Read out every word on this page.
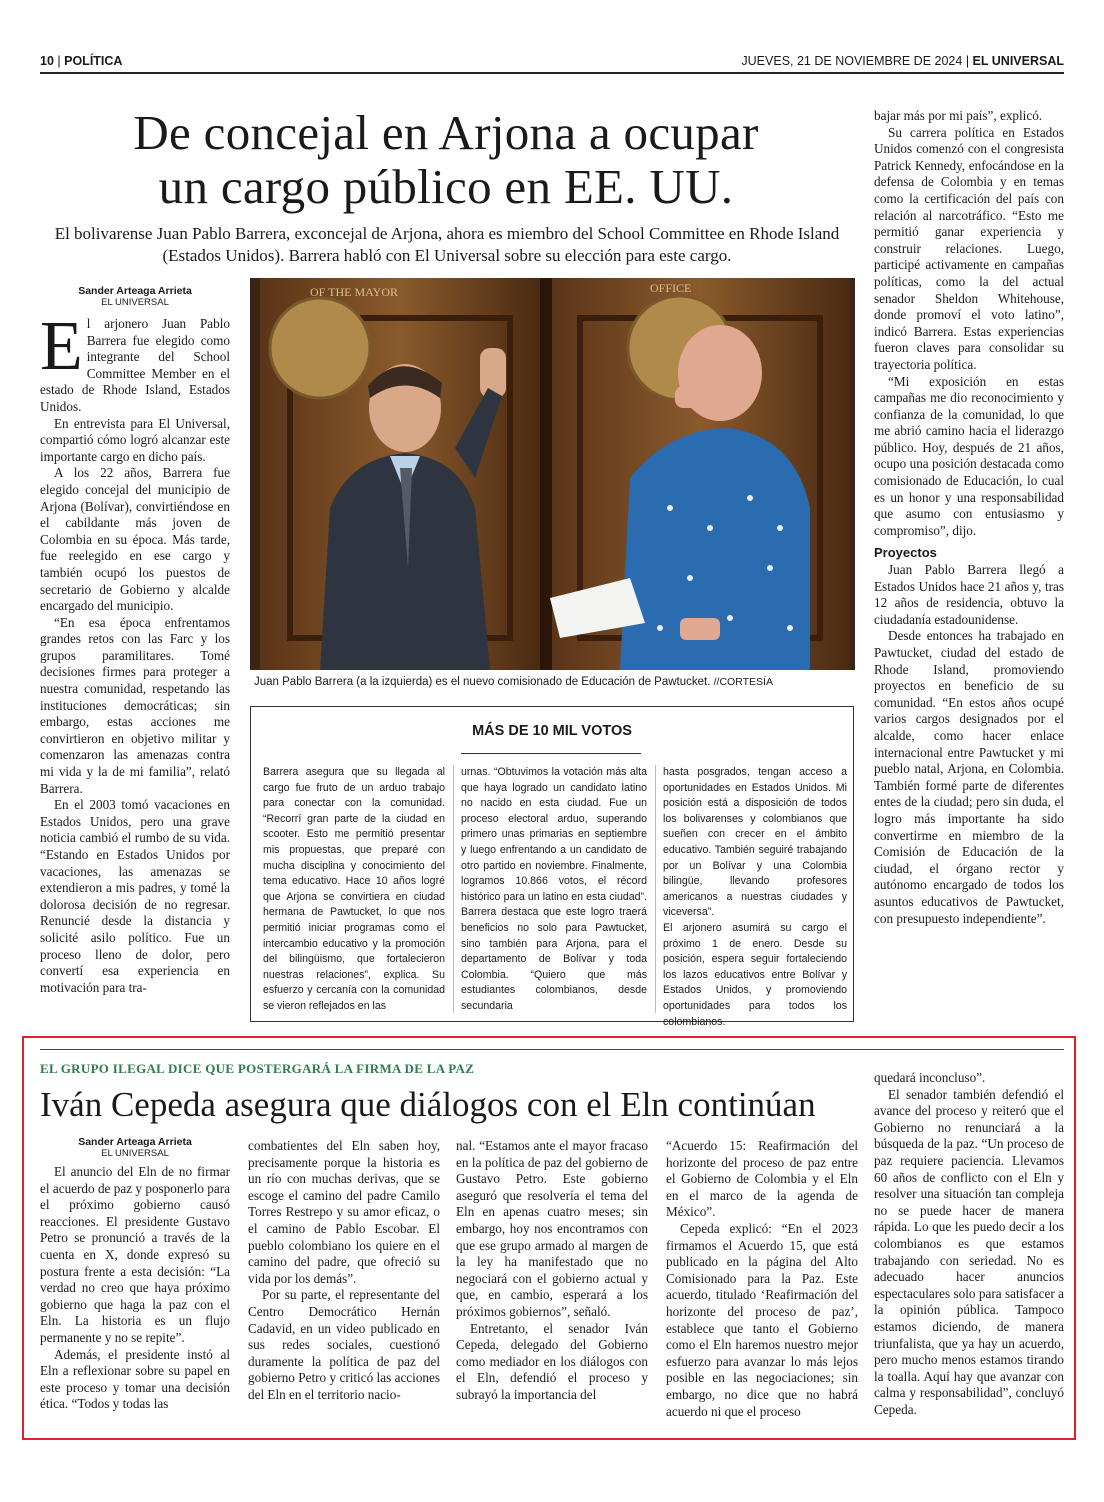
10 | POLÍTICA	JUEVES, 21 DE NOVIEMBRE DE 2024 | EL UNIVERSAL
De concejal en Arjona a ocupar
un cargo público en EE. UU.
El bolivarense Juan Pablo Barrera, exconcejal de Arjona, ahora es miembro del School Committee en Rhode Island (Estados Unidos). Barrera habló con El Universal sobre su elección para este cargo.
Sander Arteaga Arrieta
EL UNIVERSAL

El arjonero Juan Pablo Barrera fue elegido como integrante del School Committee Member en el estado de Rhode Island, Estados Unidos.

En entrevista para El Universal, compartió cómo logró alcanzar este importante cargo en dicho país.

A los 22 años, Barrera fue elegido concejal del municipio de Arjona (Bolívar), convirtiéndose en el cabildante más joven de Colombia en su época. Más tarde, fue reelegido en ese cargo y también ocupó los puestos de secretario de Gobierno y alcalde encargado del municipio.

“En esa época enfrentamos grandes retos con las Farc y los grupos paramilitares. Tomé decisiones firmes para proteger a nuestra comunidad, respetando las instituciones democráticas; sin embargo, estas acciones me convirtieron en objetivo militar y comenzaron las amenazas contra mi vida y la de mi familia”, relató Barrera.

En el 2003 tomó vacaciones en Estados Unidos, pero una grave noticia cambió el rumbo de su vida. “Estando en Estados Unidos por vacaciones, las amenazas se extendieron a mis padres, y tomé la dolorosa decisión de no regresar. Renuncié desde la distancia y solicité asilo político. Fue un proceso lleno de dolor, pero convertí esa experiencia en motivación para tra-

OF THE MAYOR	OFFICE
Juan Pablo Barrera (a la izquierda) es el nuevo comisionado de Educación de Pawtucket. //CORTESÍA
MÁS DE 10 MIL VOTOS

Barrera asegura que su llegada al cargo fue fruto de un arduo trabajo para conectar con la comunidad. “Recorrí gran parte de la ciudad en scooter. Esto me permitió presentar mis propuestas, que preparé con mucha disciplina y conocimiento del tema educativo. Hace 10 años logré que Arjona se convirtiera en ciudad hermana de Pawtucket, lo que nos permitió iniciar programas como el intercambio educativo y la promoción del bilingüismo, que fortalecieron nuestras relaciones”, explica. Su esfuerzo y cercanía con la comunidad se vieron reflejados en las

urnas. “Obtuvimos la votación más alta que haya logrado un candidato latino no nacido en esta ciudad. Fue un proceso electoral arduo, superando primero unas primarias en septiembre y luego enfrentando a un candidato de otro partido en noviembre. Finalmente, logramos 10.866 votos, el récord histórico para un latino en esta ciudad”. Barrera destaca que este logro traerá beneficios no solo para Pawtucket, sino también para Arjona, para el departamento de Bolívar y toda Colombia. “Quiero que más estudiantes colombianos, desde secundaria

hasta posgrados, tengan acceso a oportunidades en Estados Unidos. Mi posición está a disposición de todos los bolivarenses y colombianos que sueñen con crecer en el ámbito educativo. También seguiré trabajando por un Bolívar y una Colombia bilingüe, llevando profesores americanos a nuestras ciudades y viceversa”.

El arjonero asumirá su cargo el próximo 1 de enero. Desde su posición, espera seguir fortaleciendo los lazos educativos entre Bolívar y Estados Unidos, y promoviendo oportunidades para todos los colombianos.

bajar más por mi país”, explicó.

Su carrera política en Estados Unidos comenzó con el congresista Patrick Kennedy, enfocándose en la defensa de Colombia y en temas como la certificación del país con relación al narcotráfico. “Esto me permitió ganar experiencia y construir relaciones. Luego, participé activamente en campañas políticas, como la del actual senador Sheldon Whitehouse, donde promoví el voto latino”, indicó Barrera. Estas experiencias fueron claves para consolidar su trayectoria política.

“Mi exposición en estas campañas me dio reconocimiento y confianza de la comunidad, lo que me abrió camino hacia el liderazgo público. Hoy, después de 21 años, ocupo una posición destacada como comisionado de Educación, lo cual es un honor y una responsabilidad que asumo con entusiasmo y compromiso”, dijo.

Proyectos

Juan Pablo Barrera llegó a Estados Unidos hace 21 años y, tras 12 años de residencia, obtuvo la ciudadanía estadounidense.

Desde entonces ha trabajado en Pawtucket, ciudad del estado de Rhode Island, promoviendo proyectos en beneficio de su comunidad. “En estos años ocupé varios cargos designados por el alcalde, como hacer enlace internacional entre Pawtucket y mi pueblo natal, Arjona, en Colombia. También formé parte de diferentes entes de la ciudad; pero sin duda, el logro más importante ha sido convertirme en miembro de la Comisión de Educación de la ciudad, el órgano rector y autónomo encargado de todos los asuntos educativos de Pawtucket, con presupuesto independiente”.

EL GRUPO ILEGAL DICE QUE POSTERGARÁ LA FIRMA DE LA PAZ
Iván Cepeda asegura que diálogos con el Eln continúan
Sander Arteaga Arrieta
EL UNIVERSAL

El anuncio del Eln de no firmar el acuerdo de paz y posponerlo para el próximo gobierno causó reacciones. El presidente Gustavo Petro se pronunció a través de la cuenta en X, donde expresó su postura frente a esta decisión: “La verdad no creo que haya próximo gobierno que haga la paz con el Eln. La historia es un flujo permanente y no se repite”.

Además, el presidente instó al Eln a reflexionar sobre su papel en este proceso y tomar una decisión ética. “Todos y todas las

combatientes del Eln saben hoy, precisamente porque la historia es un río con muchas derivas, que se escoge el camino del padre Camilo Torres Restrepo y su amor eficaz, o el camino de Pablo Escobar. El pueblo colombiano los quiere en el camino del padre, que ofreció su vida por los demás”.

Por su parte, el representante del Centro Democrático Hernán Cadavid, en un video publicado en sus redes sociales, cuestionó duramente la política de paz del gobierno Petro y criticó las acciones del Eln en el territorio nacio-

nal. “Estamos ante el mayor fracaso en la política de paz del gobierno de Gustavo Petro. Este gobierno aseguró que resolvería el tema del Eln en apenas cuatro meses; sin embargo, hoy nos encontramos con que ese grupo armado al margen de la ley ha manifestado que no negociará con el gobierno actual y que, en cambio, esperará a los próximos gobiernos”, señaló.

Entretanto, el senador Iván Cepeda, delegado del Gobierno como mediador en los diálogos con el Eln, defendió el proceso y subrayó la importancia del

“Acuerdo 15: Reafirmación del horizonte del proceso de paz entre el Gobierno de Colombia y el Eln en el marco de la agenda de México”.

Cepeda explicó: “En el 2023 firmamos el Acuerdo 15, que está publicado en la página del Alto Comisionado para la Paz. Este acuerdo, titulado ‘Reafirmación del horizonte del proceso de paz’, establece que tanto el Gobierno como el Eln haremos nuestro mejor esfuerzo para avanzar lo más lejos posible en las negociaciones; sin embargo, no dice que no habrá acuerdo ni que el proceso

quedará inconcluso”.

El senador también defendió el avance del proceso y reiteró que el Gobierno no renunciará a la búsqueda de la paz. “Un proceso de paz requiere paciencia. Llevamos 60 años de conflicto con el Eln y resolver una situación tan compleja no se puede hacer de manera rápida. Lo que les puedo decir a los colombianos es que estamos trabajando con seriedad. No es adecuado hacer anuncios espectaculares solo para satisfacer a la opinión pública. Tampoco estamos diciendo, de manera triunfalista, que ya hay un acuerdo, pero mucho menos estamos tirando la toalla. Aquí hay que avanzar con calma y responsabilidad”, concluyó Cepeda.
